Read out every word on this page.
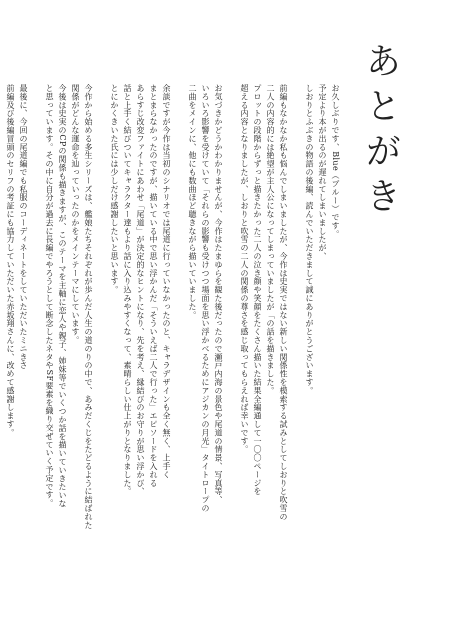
あとがき
お久しぶりです、Blue（ブルー）です。
予定より本が出るのが遅れてしまいましたが、
しおりとふぶきの物語の後編、読んでいただきまして誠にありがとうございます。
前編もなかなか私も悩んでしまいましたが、今作は史実ではない新しい関係性を模索する試みとしてしおりと吹雪の
二人の内容的には絶望が主人公になってしまっていましたが「の話を描きました。
プロットの段階からずっと描きたかった二人の泣き顔や笑顔をたくさん描いた結果全編通して一〇〇ページを
超える内容となりましたが、しおりと吹雪の二人の関係の尊さを感じ取ってもらえれば幸いです。
お気づきかどうかわかりませんが、今作はたまゆらを観た後だったので瀬戸内海の景色や尾道の情景、写真等、
いろいろ影響を受けていて「それらの影響も受けつつ場面を思い浮かべるためにアジカンの月光」タイトロープの
二曲をメインに、他にも数曲ほど聴きながら描いていました。
余談ですが今作は当初のシナリオでは尾道に行っていなかったのと、キャラデザインも全く無く、上手く
まとまらなかったのですが、描いている中で思い浮かんだ「そういえば二人で行った」エピソードを入れる
あらすじ改変ファイトにあわせ「尾道」が決定的なヒントになり、先を考え、縁結びのお守りが思い浮かび、
話と上手く結びついてキャラクター達もより話に入り込みやすくなって、素晴らしい仕上がりとなりました。
とにかくきいた氏には少しだけ感謝したいと思います。
今作から始める多生シリーズは、艦娘たちそれぞれが歩んだ人生の道のりの中で、あみだくじをたどるように結ばれた
関係がどんな運命を辿っていったのかをメインテーマにしています。
今後は史実のCPの関係も描きますが、このテーマを主軸に恋人や親子、姉妹等でいくつか話を描いていきたいな
と思っています。その中に自分が過去に長編でやろうとして断念したネタやSF要素を織り交ぜていく予定です。
最後に、今回の尾道編でも私服のコーディネートをしていただいたミニきさ
前編及び後編冒頭のセリフの考証にも協力していただいた赤坂翔さんに、改めて感謝します。
